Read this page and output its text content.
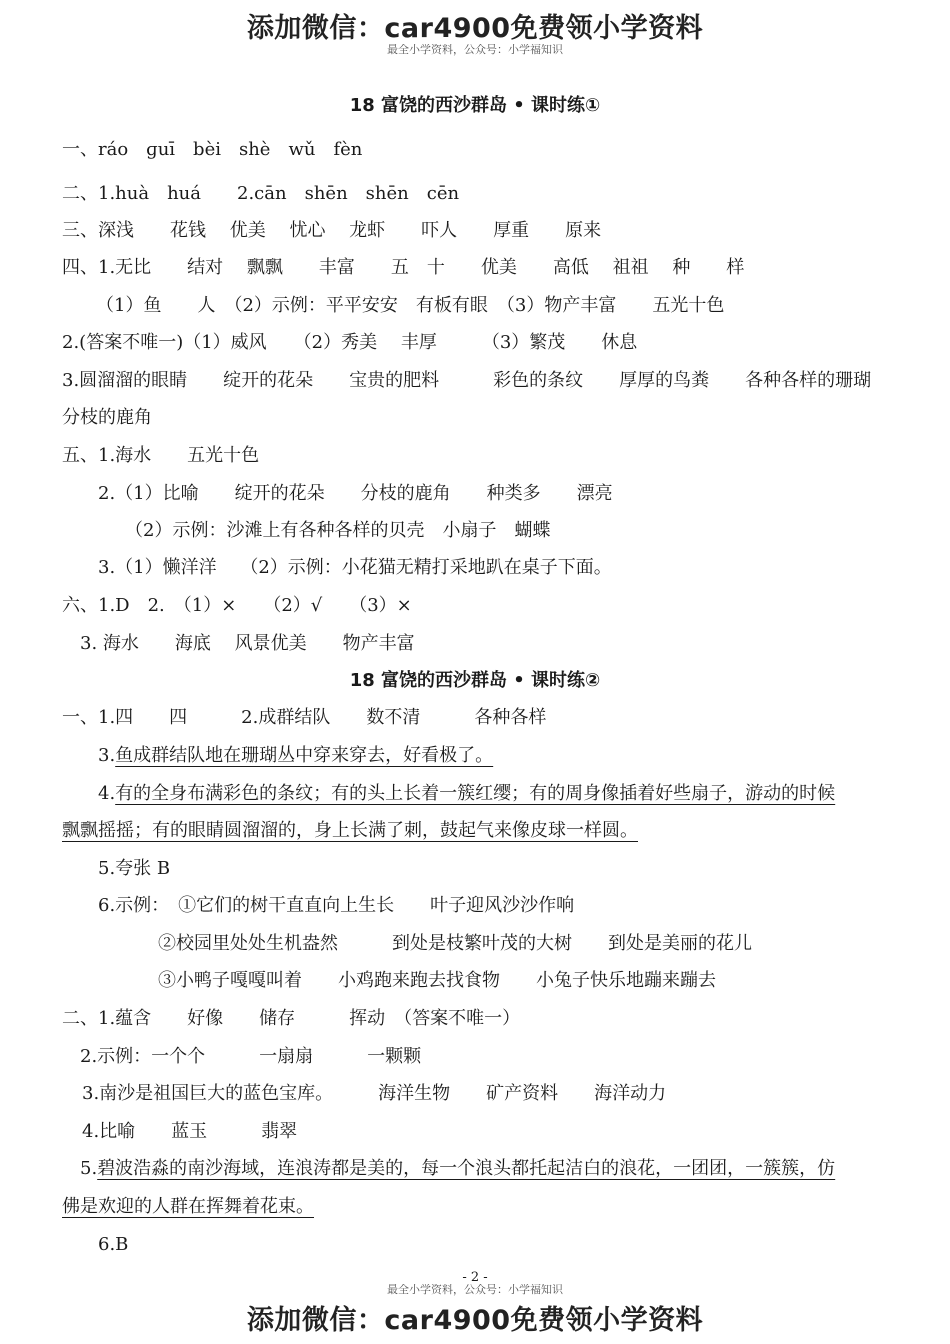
添加微信：car4900免费领小学资料
最全小学资料，公众号：小学福知识
18 富饶的西沙群岛 • 课时练①
一、ráo　ɡuī　bèi　shè　wǔ　fèn
二、1.huà　huá　　2.cān　shēn　shēn　cēn
三、深浅　　花钱　 优美　 忧心　 龙虾　　吓人　　厚重　　原来
四、1.无比　　结对　 飘飘　　丰富　　五　十　　优美　　高低　 祖祖　 种　　样
（1）鱼　　人　（2）示例：平平安安　有板有眼　（3）物产丰富　　五光十色
2.(答案不唯一)（1）威风　　（2）秀美　 丰厚　　　（3）繁茂　　休息
3.圆溜溜的眼睛　　绽开的花朵　　宝贵的肥料　　　彩色的条纹　　厚厚的鸟粪　　各种各样的珊瑚
分枝的鹿角
五、1.海水　　五光十色
2.（1）比喻　　绽开的花朵　　分枝的鹿角　　种类多　　漂亮
（2）示例：沙滩上有各种各样的贝壳　小扇子　蝴蝶
3.（1）懒洋洋　 （2）示例：小花猫无精打采地趴在桌子下面。
六、1.D　2.　（1）×　　（2）√　　（3）×
3. 海水　　海底　 风景优美　　物产丰富
18 富饶的西沙群岛 • 课时练②
一、1.四　　四　　　2.成群结队　　数不清　　　各种各样
3.鱼成群结队地在珊瑚丛中穿来穿去，好看极了。
4.有的全身布满彩色的条纹；有的头上长着一簇红缨；有的周身像插着好些扇子，游动的时候
飘飘摇摇；有的眼睛圆溜溜的，身上长满了刺，鼓起气来像皮球一样圆。
5.夸张 B
6.示例：　①它们的树干直直向上生长　　叶子迎风沙沙作响
②校园里处处生机盎然　　　到处是枝繁叶茂的大树　　到处是美丽的花儿
③小鸭子嘎嘎叫着　　小鸡跑来跑去找食物　　小兔子快乐地蹦来蹦去
二、1.蕴含　　好像　　储存　　　挥动　（答案不唯一）
2.示例：一个个　　　一扇扇　　　一颗颗
3.南沙是祖国巨大的蓝色宝库。　　　海洋生物　　矿产资料　　海洋动力
4.比喻　　蓝玉　　　翡翠
5.碧波浩淼的南沙海域，连浪涛都是美的，每一个浪头都托起洁白的浪花，一团团，一簇簇，仿
佛是欢迎的人群在挥舞着花束。
6.B
- 2 -
最全小学资料，公众号：小学福知识
添加微信：car4900免费领小学资料
